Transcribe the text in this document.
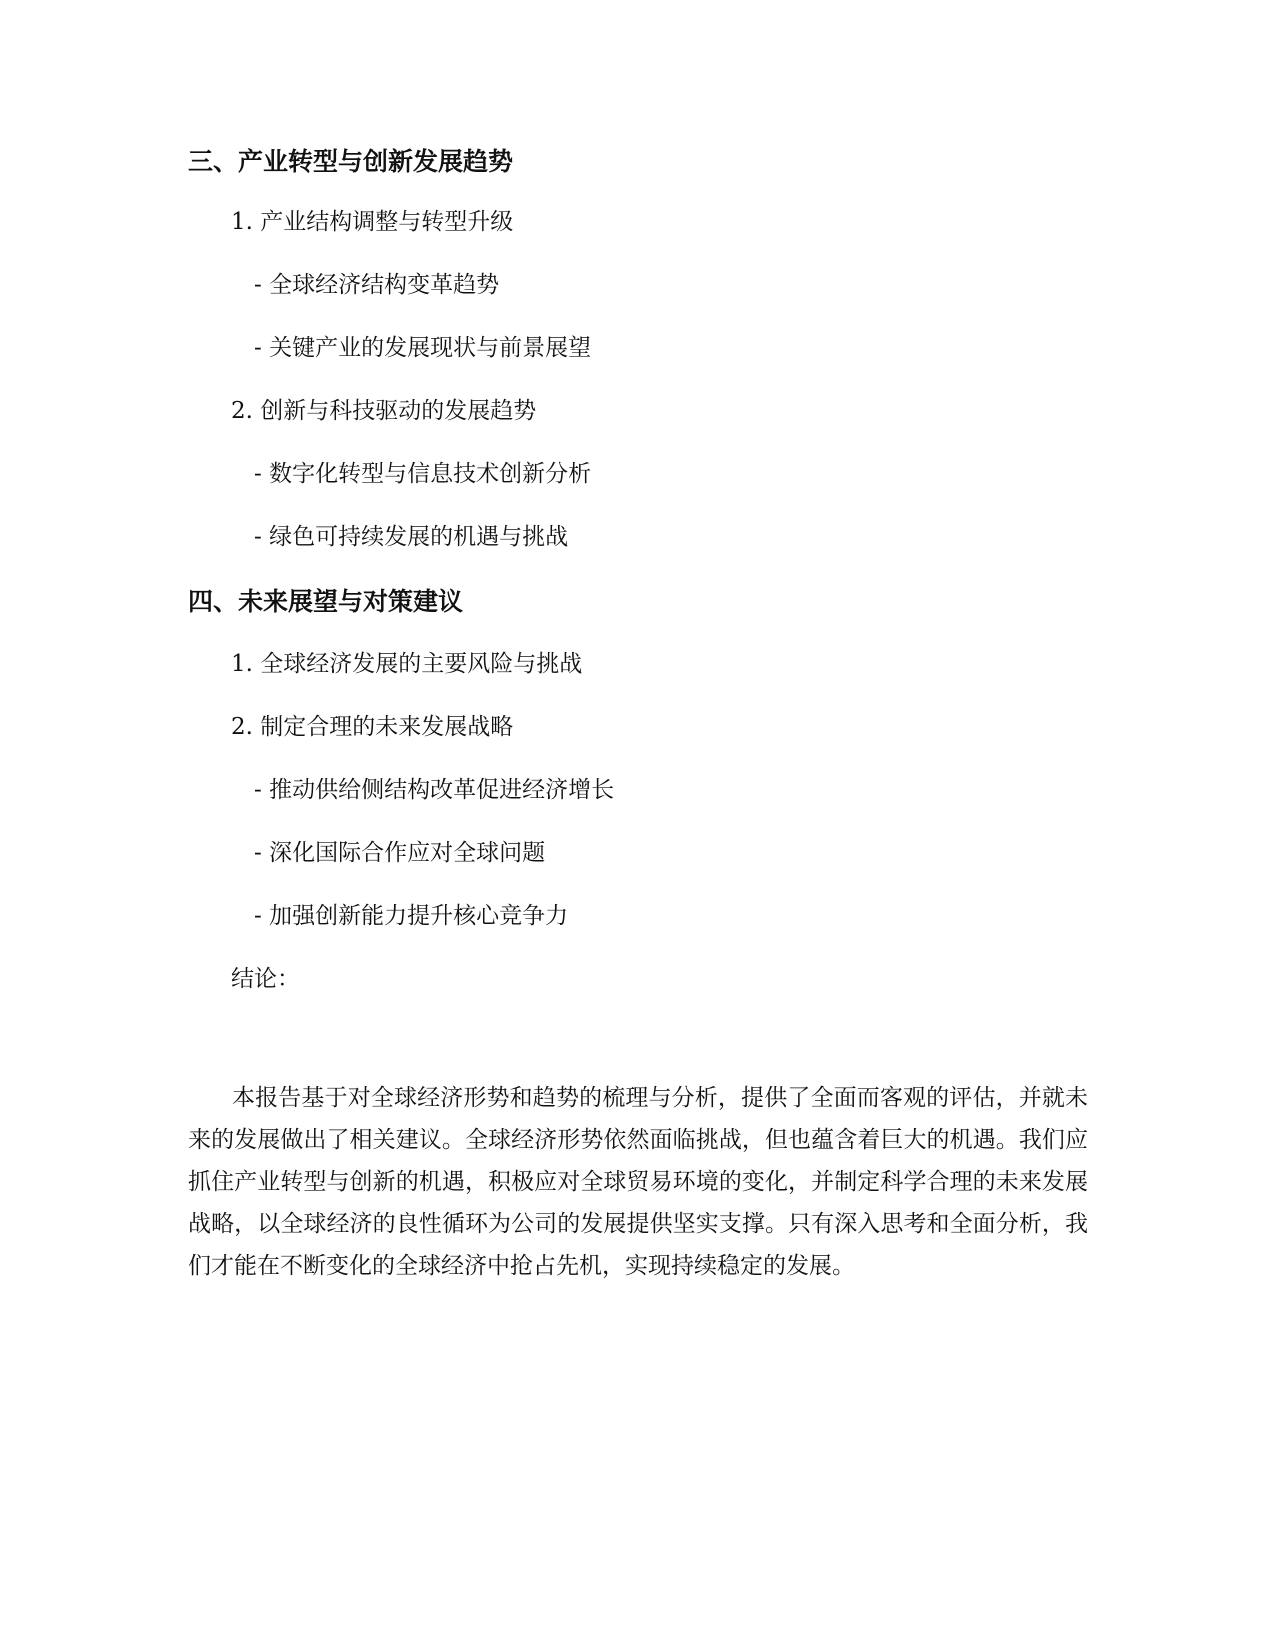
三、产业转型与创新发展趋势

1. 产业结构调整与转型升级

- 全球经济结构变革趋势

- 关键产业的发展现状与前景展望

2. 创新与科技驱动的发展趋势

- 数字化转型与信息技术创新分析

- 绿色可持续发展的机遇与挑战

四、未来展望与对策建议

1. 全球经济发展的主要风险与挑战

2. 制定合理的未来发展战略

- 推动供给侧结构改革促进经济增长

- 深化国际合作应对全球问题

- 加强创新能力提升核心竞争力

结论：

本报告基于对全球经济形势和趋势的梳理与分析，提供了全面而客观的评估，并就未来的发展做出了相关建议。全球经济形势依然面临挑战，但也蕴含着巨大的机遇。我们应抓住产业转型与创新的机遇，积极应对全球贸易环境的变化，并制定科学合理的未来发展战略，以全球经济的良性循环为公司的发展提供坚实支撑。只有深入思考和全面分析，我们才能在不断变化的全球经济中抢占先机，实现持续稳定的发展。
